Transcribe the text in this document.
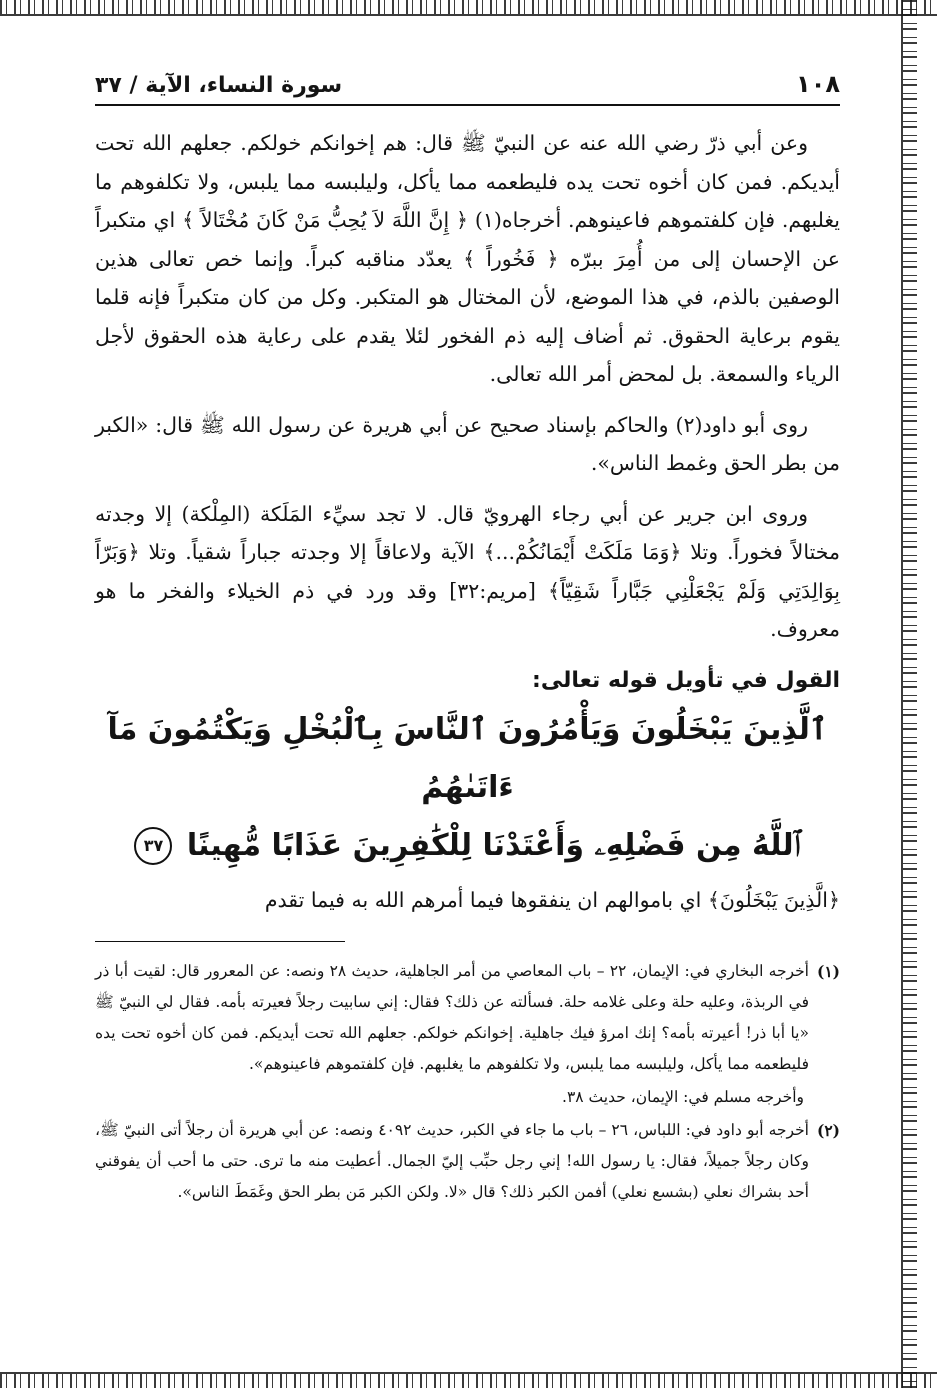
١٠٨
سورة النساء، الآية / ٣٧

وعن أبي ذرّ رضي الله عنه عن النبيّ ﷺ قال: هم إخوانكم خولكم. جعلهم الله تحت أيديكم. فمن كان أخوه تحت يده فليطعمه مما يأكل، وليلبسه مما يلبس، ولا تكلفوهم ما يغلبهم. فإن كلفتموهم فاعينوهم. أخرجاه(١) ﴿ إِنَّ اللَّهَ لاَ يُحِبُّ مَنْ كَانَ مُخْتَالاً ﴾ اي متكبراً عن الإحسان إلى من أُمِرَ ببرّه ﴿ فَخُوراً ﴾ يعدّد مناقبه كبراً. وإنما خص تعالى هذين الوصفين بالذم، في هذا الموضع، لأن المختال هو المتكبر. وكل من كان متكبراً فإنه قلما يقوم برعاية الحقوق. ثم أضاف إليه ذم الفخور لئلا يقدم على رعاية هذه الحقوق لأجل الرياء والسمعة. بل لمحض أمر الله تعالى.

روى أبو داود(٢) والحاكم بإسناد صحيح عن أبي هريرة عن رسول الله ﷺ قال: «الكبر من بطر الحق وغمط الناس».

وروى ابن جرير عن أبي رجاء الهرويّ قال. لا تجد سيِّء المَلَكة (المِلْكة) إلا وجدته مختالاً فخوراً. وتلا ﴿وَمَا مَلَكَتْ أَيْمَانُكُمْ...﴾ الآية ولاعاقاً إلا وجدته جباراً شقياً. وتلا ﴿وَبَرّاً بِوَالِدَتِي وَلَمْ يَجْعَلْنِي جَبَّاراً شَقِيّاً﴾ [مريم:٣٢] وقد ورد في ذم الخيلاء والفخر ما هو معروف.

القول في تأويل قوله تعالى:
ٱلَّذِينَ يَبْخَلُونَ وَيَأْمُرُونَ ٱلنَّاسَ بِٱلْبُخْلِ وَيَكْتُمُونَ مَآ ءَاتَىٰهُمُ
ٱللَّهُ مِن فَضْلِهِۦ وَأَعْتَدْنَا لِلْكَٰفِرِينَ عَذَابًا مُّهِينًا ٣٧

﴿الَّذِينَ يَبْخَلُونَ﴾ اي باموالهم ان ينفقوها فيما أمرهم الله به فيما تقدم

(١)
أخرجه البخاري في: الإيمان، ٢٢ – باب المعاصي من أمر الجاهلية، حديث ٢٨ ونصه: عن المعرور قال: لقيت أبا ذر في الربذة، وعليه حلة وعلى غلامه حلة. فسألته عن ذلك؟ فقال: إني سابيت رجلاً فعيرته بأمه. فقال لي النبيّ ﷺ «يا أبا ذر! أعيرته بأمه؟ إنك امرؤ فيك جاهلية. إخوانكم خولكم. جعلهم الله تحت أيديكم. فمن كان أخوه تحت يده فليطعمه مما يأكل، وليلبسه مما يلبس، ولا تكلفوهم ما يغلبهم. فإن كلفتموهم فاعينوهم».
وأخرجه مسلم في: الإيمان، حديث ٣٨.
(٢)
أخرجه أبو داود في: اللباس، ٢٦ – باب ما جاء في الكبر، حديث ٤٠٩٢ ونصه: عن أبي هريرة أن رجلاً أتى النبيّ ﷺ، وكان رجلاً جميلاً، فقال: يا رسول الله! إني رجل حبِّب إليّ الجمال. أعطيت منه ما ترى. حتى ما أحب أن يفوقني أحد بشراك نعلي (بشسع نعلي) أفمن الكبر ذلك؟ قال «لا. ولكن الكبر مَن بطر الحق وغَمَطَ الناس».
